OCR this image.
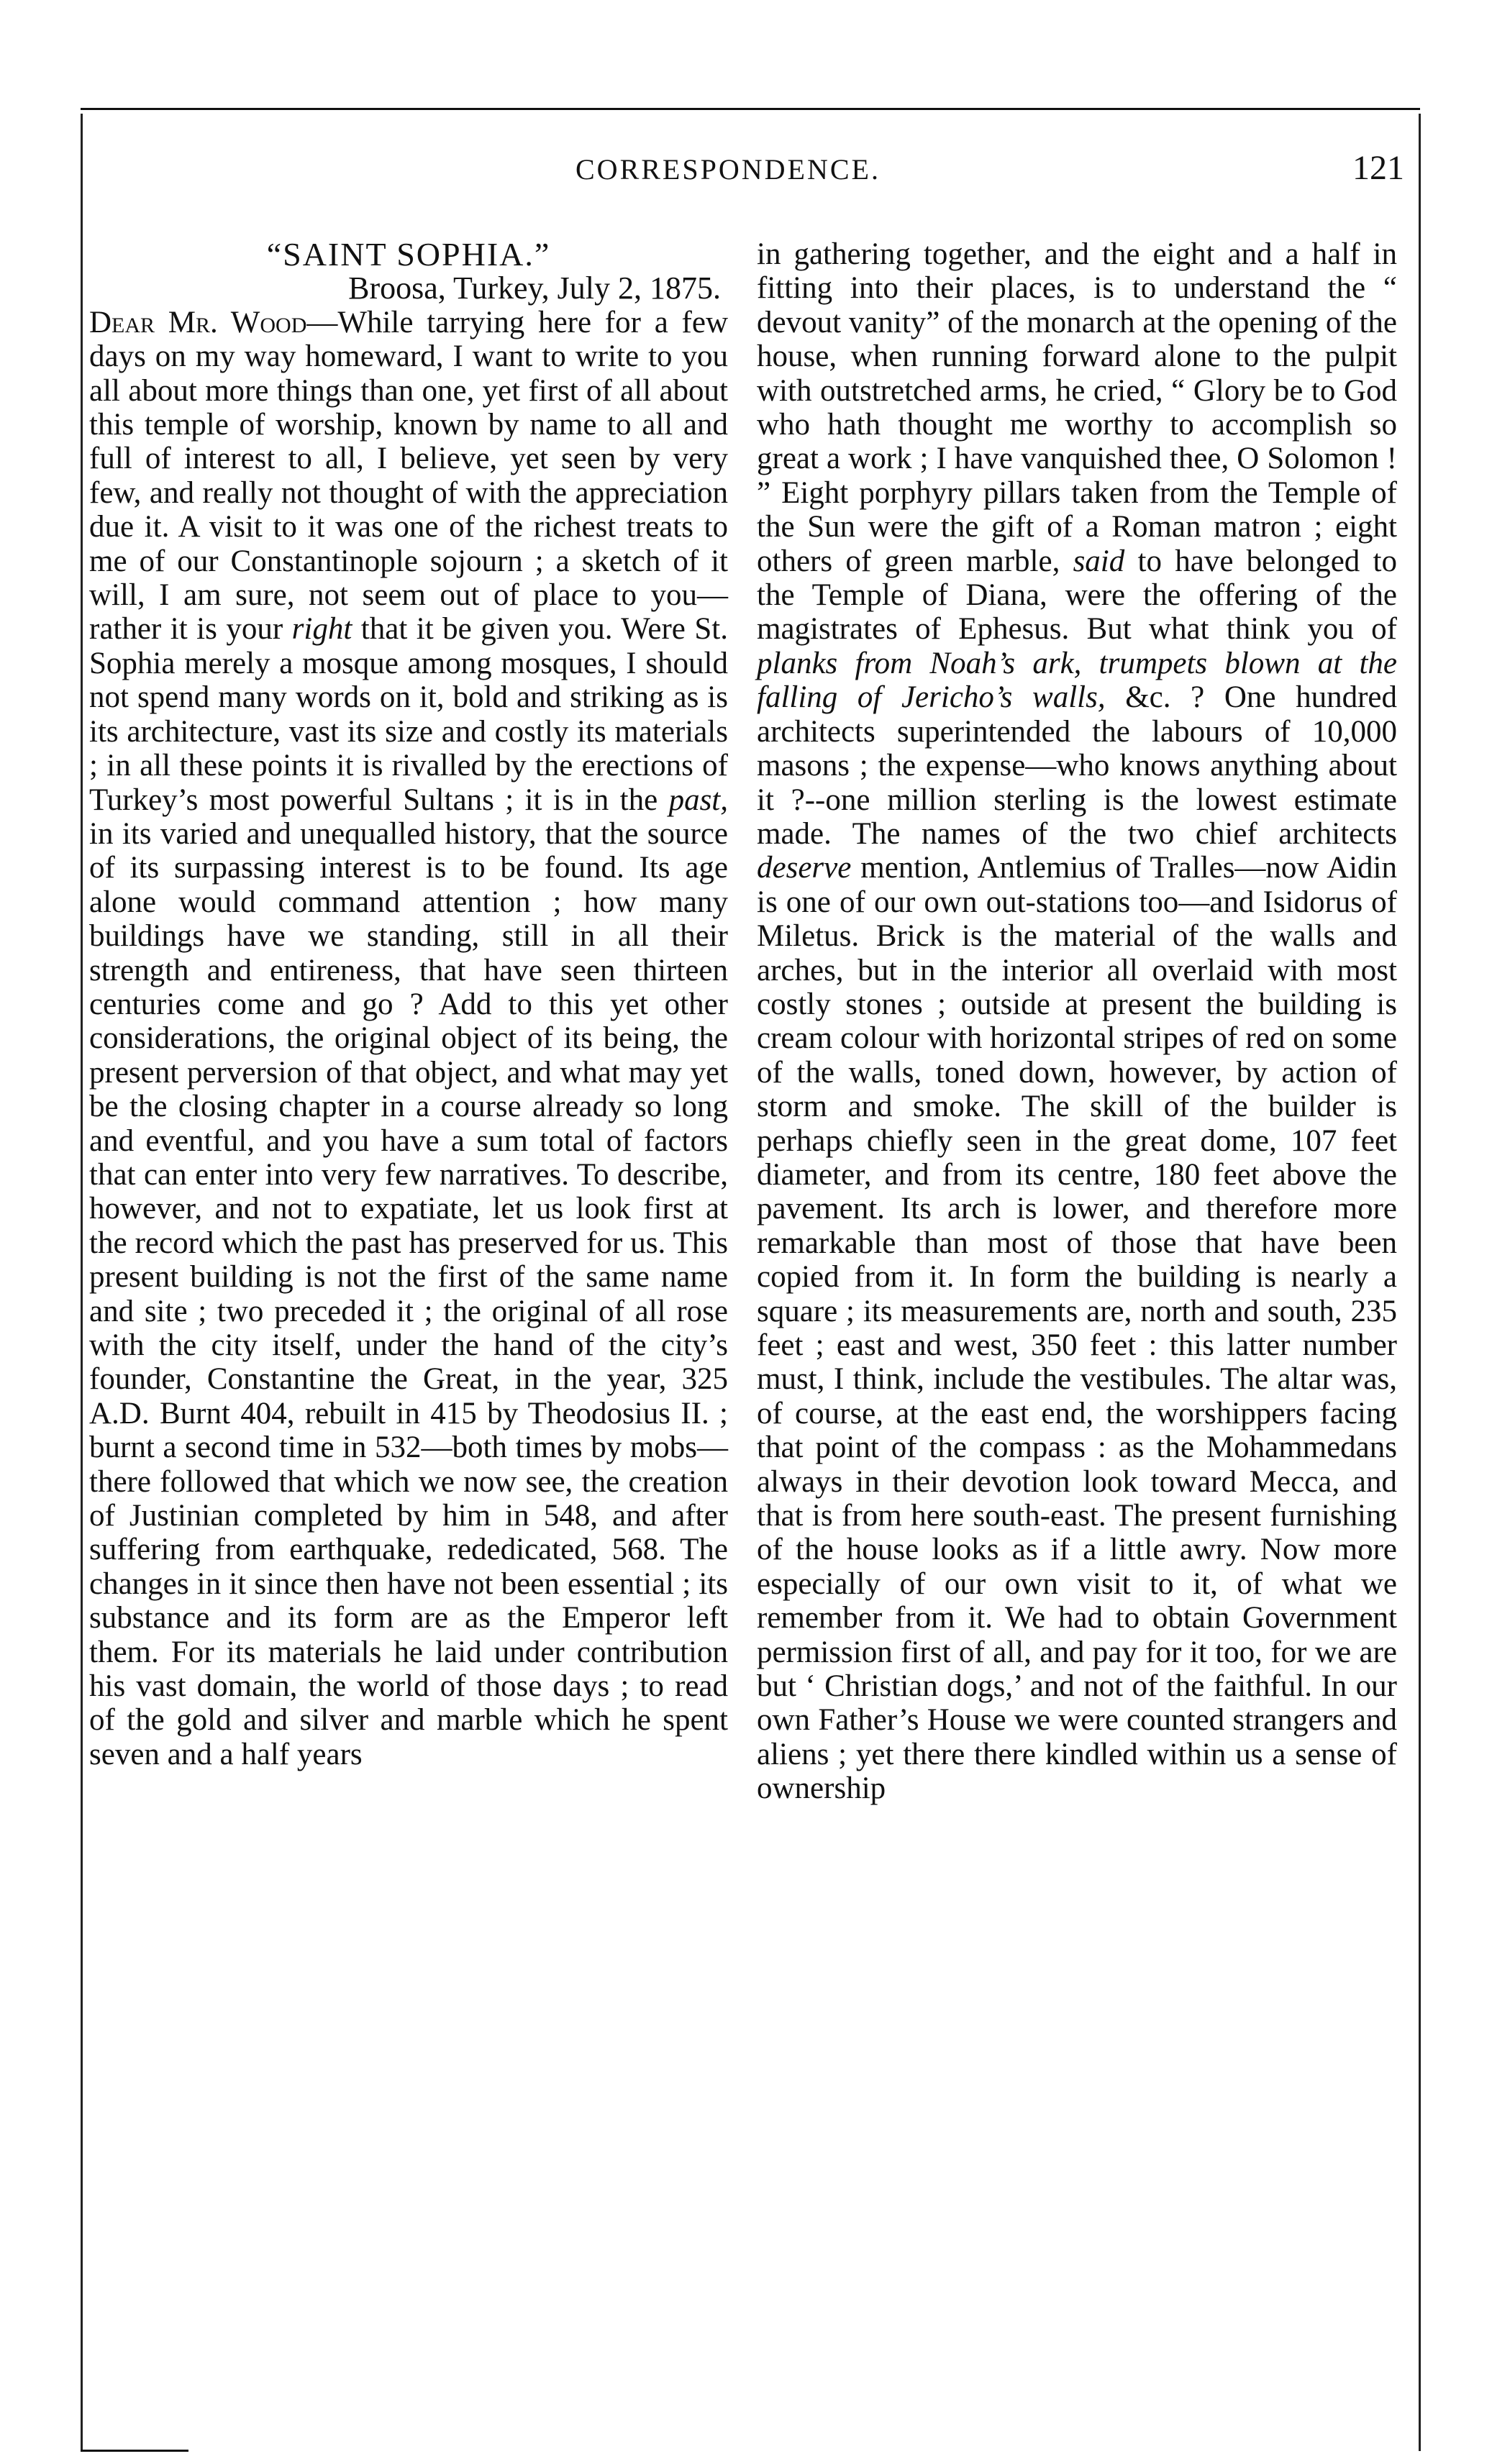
CORRESPONDENCE.	121

“SAINT SOPHIA.”

Broosa, Turkey, July 2, 1875.

Dear Mr. Wood—While tarrying here for a few days on my way homeward, I want to write to you all about more things than one, yet first of all about this temple of worship, known by name to all and full of interest to all, I believe, yet seen by very few, and really not thought of with the appreciation due it. A visit to it was one of the richest treats to me of our Constantinople sojourn ; a sketch of it will, I am sure, not seem out of place to you—rather it is your right that it be given you. Were St. Sophia merely a mosque among mosques, I should not spend many words on it, bold and striking as is its architecture, vast its size and costly its materials ; in all these points it is rivalled by the erections of Turkey’s most powerful Sultans ; it is in the past, in its varied and unequalled history, that the source of its surpassing interest is to be found. Its age alone would command attention ; how many buildings have we standing, still in all their strength and entireness, that have seen thirteen centuries come and go ? Add to this yet other considerations, the original object of its being, the present perversion of that object, and what may yet be the closing chapter in a course already so long and eventful, and you have a sum total of factors that can enter into very few narratives. To describe, however, and not to expatiate, let us look first at the record which the past has preserved for us. This present building is not the first of the same name and site ; two preceded it ; the original of all rose with the city itself, under the hand of the city’s founder, Constantine the Great, in the year, 325 A.D. Burnt 404, rebuilt in 415 by Theodosius II. ; burnt a second time in 532—both times by mobs—there followed that which we now see, the creation of Justinian completed by him in 548, and after suffering from earthquake, rededicated, 568. The changes in it since then have not been essential ; its substance and its form are as the Emperor left them. For its materials he laid under contribution his vast domain, the world of those days ; to read of the gold and silver and marble which he spent seven and a half years

in gathering together, and the eight and a half in fitting into their places, is to understand the “ devout vanity” of the monarch at the opening of the house, when running forward alone to the pulpit with outstretched arms, he cried, “ Glory be to God who hath thought me worthy to accomplish so great a work ; I have vanquished thee, O Solomon ! ” Eight porphyry pillars taken from the Temple of the Sun were the gift of a Roman matron ; eight others of green marble, said to have belonged to the Temple of Diana, were the offering of the magistrates of Ephesus. But what think you of planks from Noah’s ark, trumpets blown at the falling of Jericho’s walls, &c. ? One hundred architects superintended the labours of 10,000 masons ; the expense—who knows anything about it ?--one million sterling is the lowest estimate made. The names of the two chief architects deserve mention, Antlemius of Tralles—now Aidin is one of our own out-stations too—and Isidorus of Miletus. Brick is the material of the walls and arches, but in the interior all overlaid with most costly stones ; outside at present the building is cream colour with horizontal stripes of red on some of the walls, toned down, however, by action of storm and smoke. The skill of the builder is perhaps chiefly seen in the great dome, 107 feet diameter, and from its centre, 180 feet above the pavement. Its arch is lower, and therefore more remarkable than most of those that have been copied from it. In form the building is nearly a square ; its measurements are, north and south, 235 feet ; east and west, 350 feet : this latter number must, I think, include the vestibules. The altar was, of course, at the east end, the worshippers facing that point of the compass : as the Mohammedans always in their devotion look toward Mecca, and that is from here south-east. The present furnishing of the house looks as if a little awry. Now more especially of our own visit to it, of what we remember from it. We had to obtain Government permission first of all, and pay for it too, for we are but ‘ Christian dogs,’ and not of the faithful. In our own Father’s House we were counted strangers and aliens ; yet there there kindled within us a sense of ownership
